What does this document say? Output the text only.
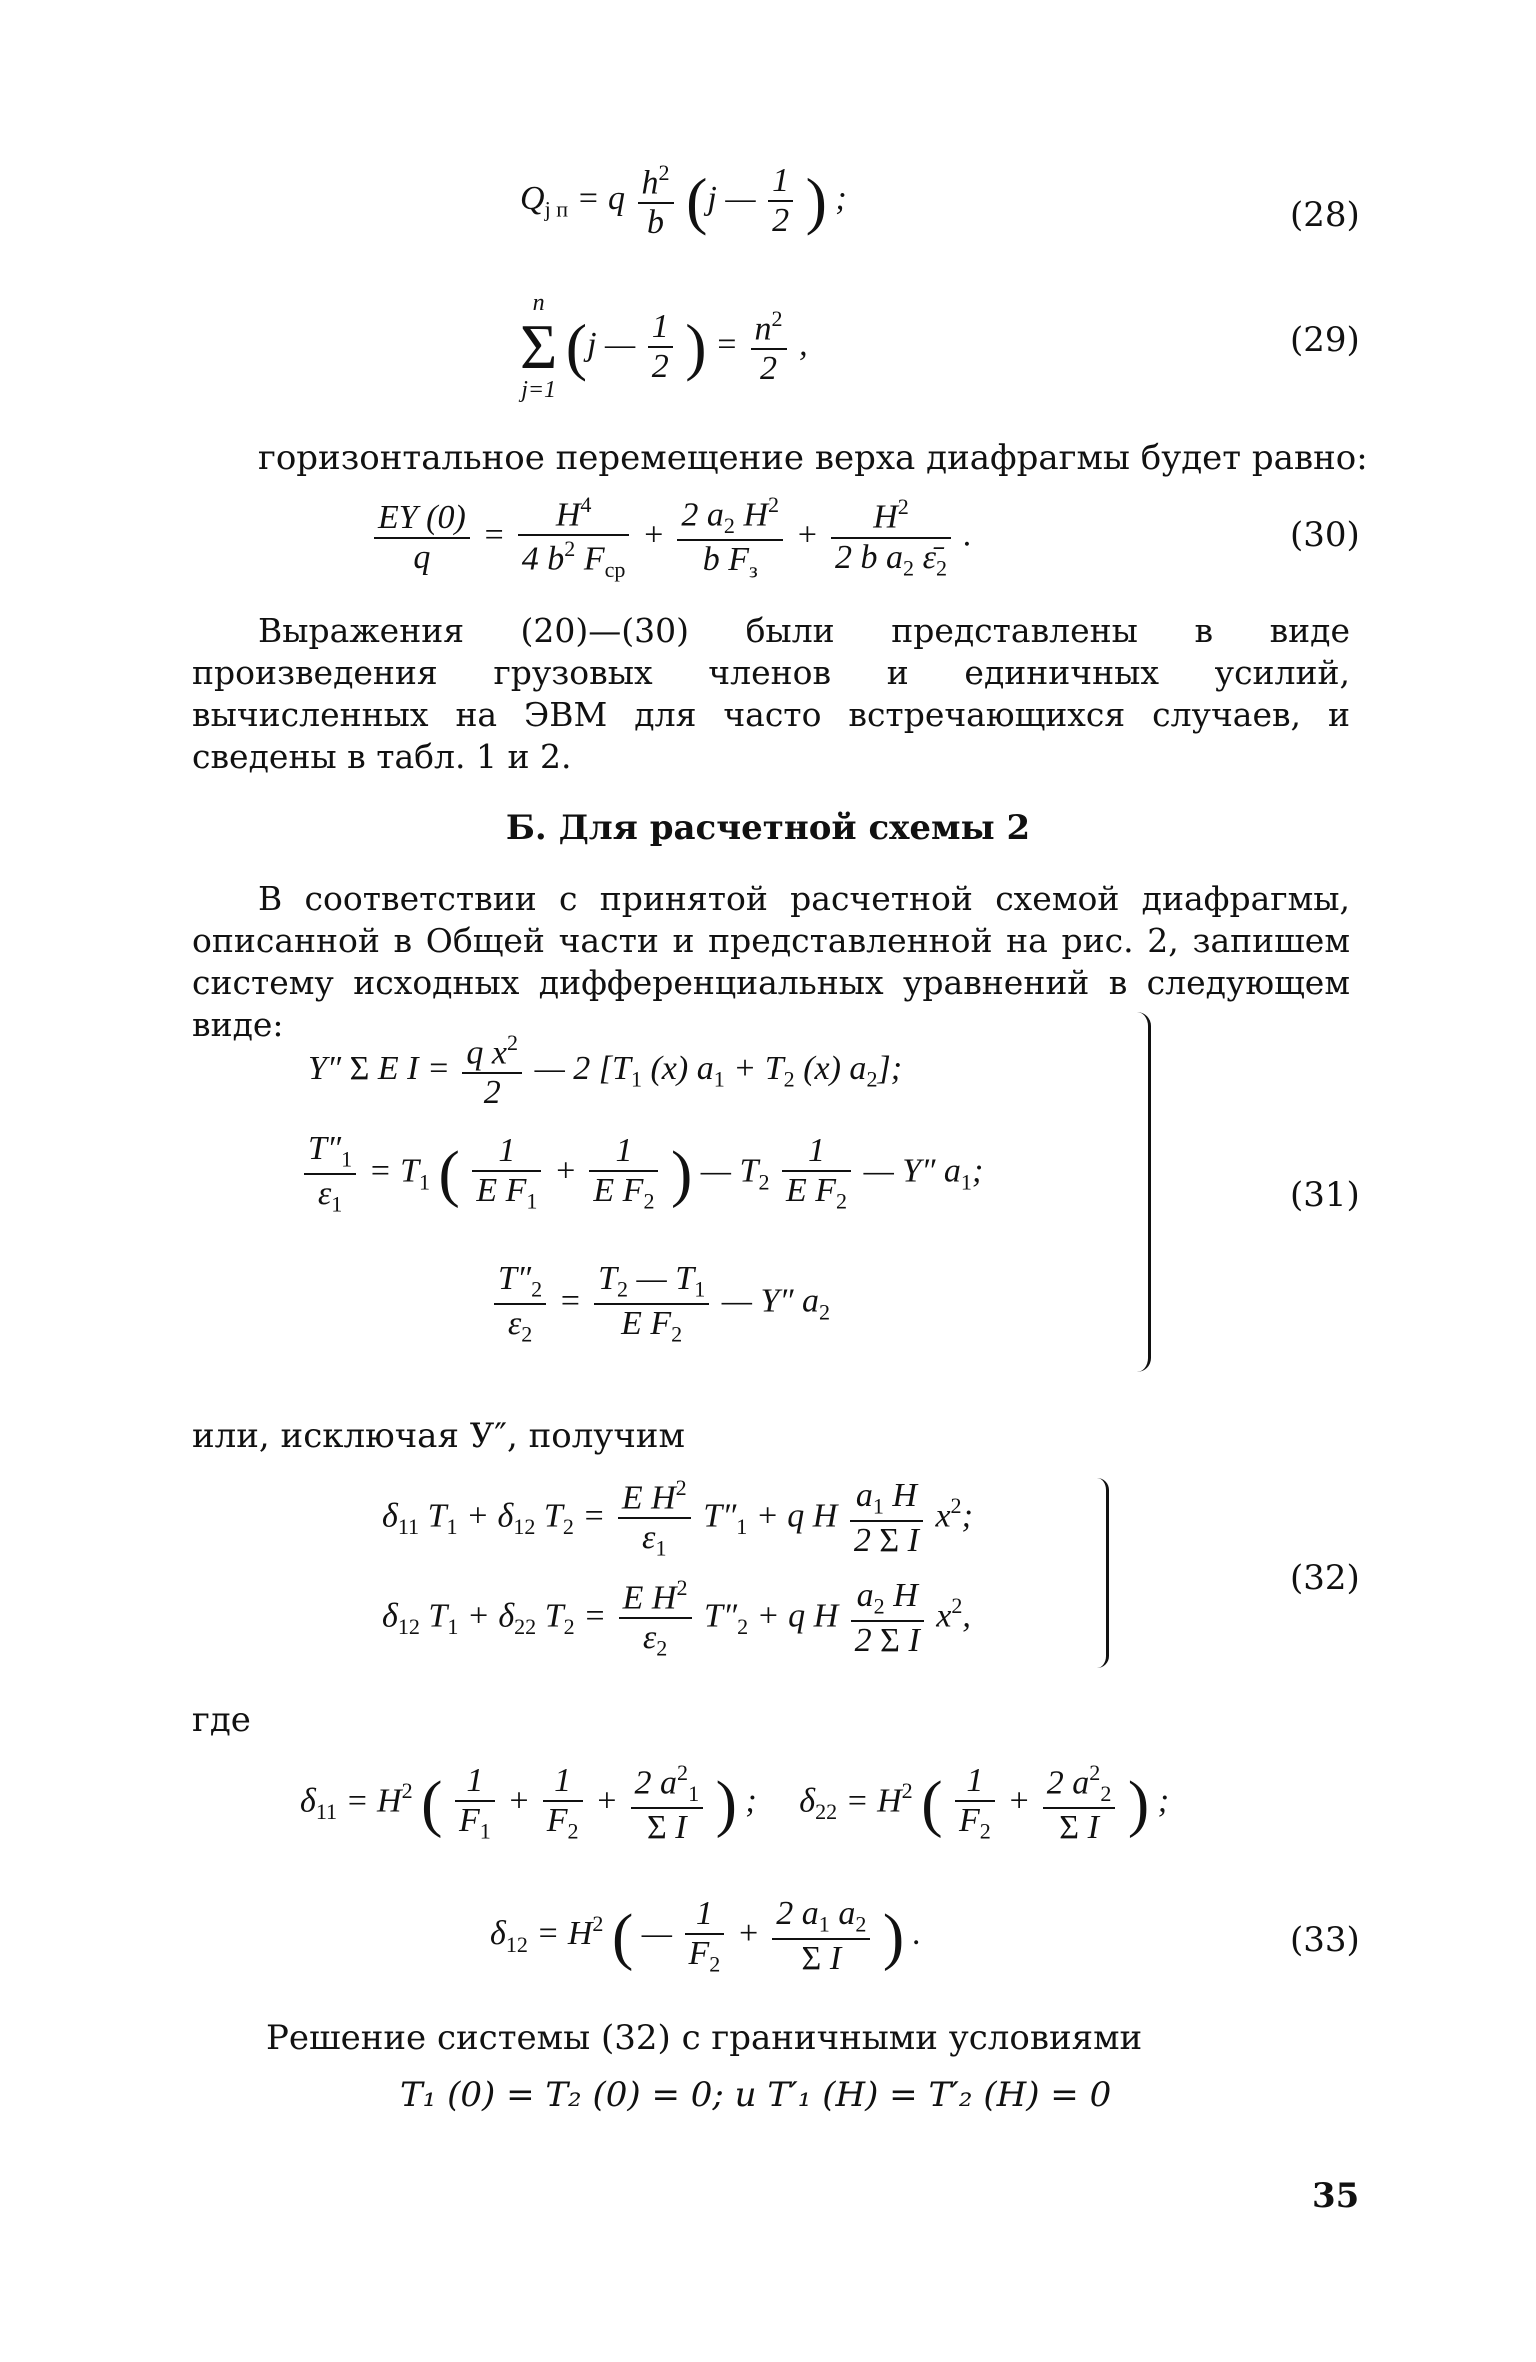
$Q_{j п} = q \frac{h^2}{b} (j$ — $\frac{1}{2}$ ) ;	(28)
n
Σ
j=1
(j — $\frac{1}{2}$ ) = $\frac{n^2}{2}$ ,	(29)
горизонтальное перемещение верха диафрагмы будет равно:
$\frac{EY (0)}{q} = \frac{H^4}{4 b^2 F_{ср}} + \frac{2 a_2 H^2}{b F_з} + \frac{H^2}{2 b a_2 \varepsilon̄_2}$ .	(30)
Выражения (20)—(30) были представлены в виде произведения грузовых членов и единичных усилий, вычисленных на ЭВМ для часто встречающихся случаев, и сведены в табл. 1 и 2.
Б. Для расчетной схемы 2
В соответствии с принятой расчетной схемой диафрагмы, описанной в Общей части и представленной на рис. 2, запишем систему исходных дифференциальных уравнений в следующем виде:
Y″ Σ E $I = \frac{q x^2}{2}$ — 2 [$T_1$ (x) $a_1 + T_2$ (x) $a_2$];
$\frac{T''_1}{\varepsilon_1} = T_1$ ( $\frac{1}{E F_1} + \frac{1}{E F_2}$ ) — $T_2 \frac{1}{E F_2}$ — Y″ $a_1$;
$\frac{T''_2}{\varepsilon_2} = \frac{T_2 — T_1}{E F_2}$ — Y″ $a_2$
(31)
или, исключая У″, получим
$\delta_{11}$ $T_1 + \delta_{12}$ $T_2 = \frac{E H^2}{\varepsilon_1} T''_1 + q$ H $\frac{a_1 H}{\text{2 Σ I}} x^2$;
$\delta_{12}$ $T_1 + \delta_{22}$ $T_2 = \frac{E H^2}{\varepsilon_2} T''_2 + q$ H $\frac{a_2 H}{\text{2 Σ I}} x^2$,
(32)
где
$\delta_{11} = H^2$ ( $\frac{1}{F_1} + \frac{1}{F_2} + \frac{2 a^2_1}{\text{Σ I}}$ ) ;     $\delta_{22} = H^2$ ( $\frac{1}{F_2} + \frac{2 a^2_2}{\text{Σ I}}$ ) ;
$\delta_{12} = H^2$ ( — $\frac{1}{F_2} + \frac{2 a_1 a_2}{\text{Σ I}}$ ) .	(33)
Решение системы (32) с граничными условиями
T₁ (0) = T₂ (0) = 0; и T′₁ (H) = T′₂ (H) = 0
35
